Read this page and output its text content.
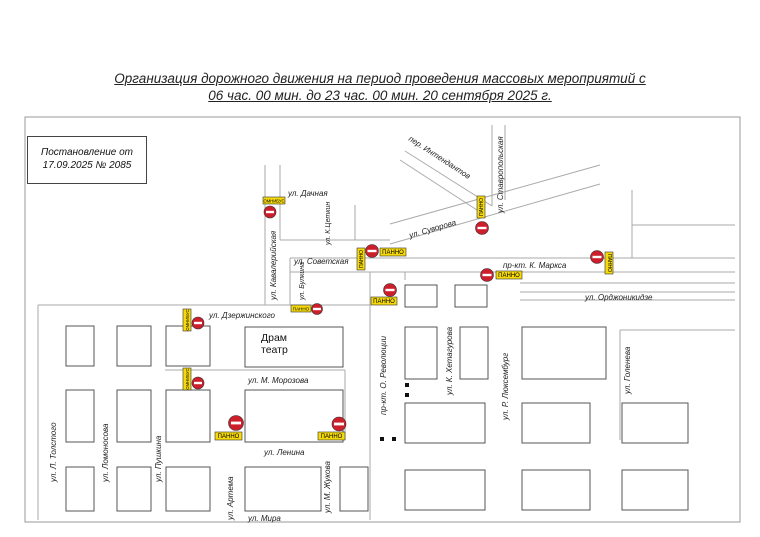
Организация дорожного движения на период проведения массовых мероприятий с
06 час. 00 мин. до 23 час. 00 мин. 20 сентября 2025 г.
ул. Дачная
ул. Советская	пр-кт. К. Маркса
ул. Орджоникидзе
ул. Дзержинского
ул. М. Морозова
ул. Ленина
ул. Мира
пер. Интендантов	ул. Ставропольская
ул. Суворова
ул. Кавалерийская
ул. К.Цеткин
ул. Булкина
пр-кт. О. Революции	ул. К. Хетагурова	ул. Р. Люксембург	ул. Голенева
ул. Л. Толстого	ул. Ломоносова	ул. Пушкина
ул. Артема	ул. М. Жукова
ПАННО
ПАННО
ПАННО
ПАННО	ПАННО
ПАННО
ПАННО
ПАННО
ПАННО
ОМНИБУС
ОМНИБУС
ОМНИБУС
Постановление от
17.09.2025 № 2085
Драм
театр
